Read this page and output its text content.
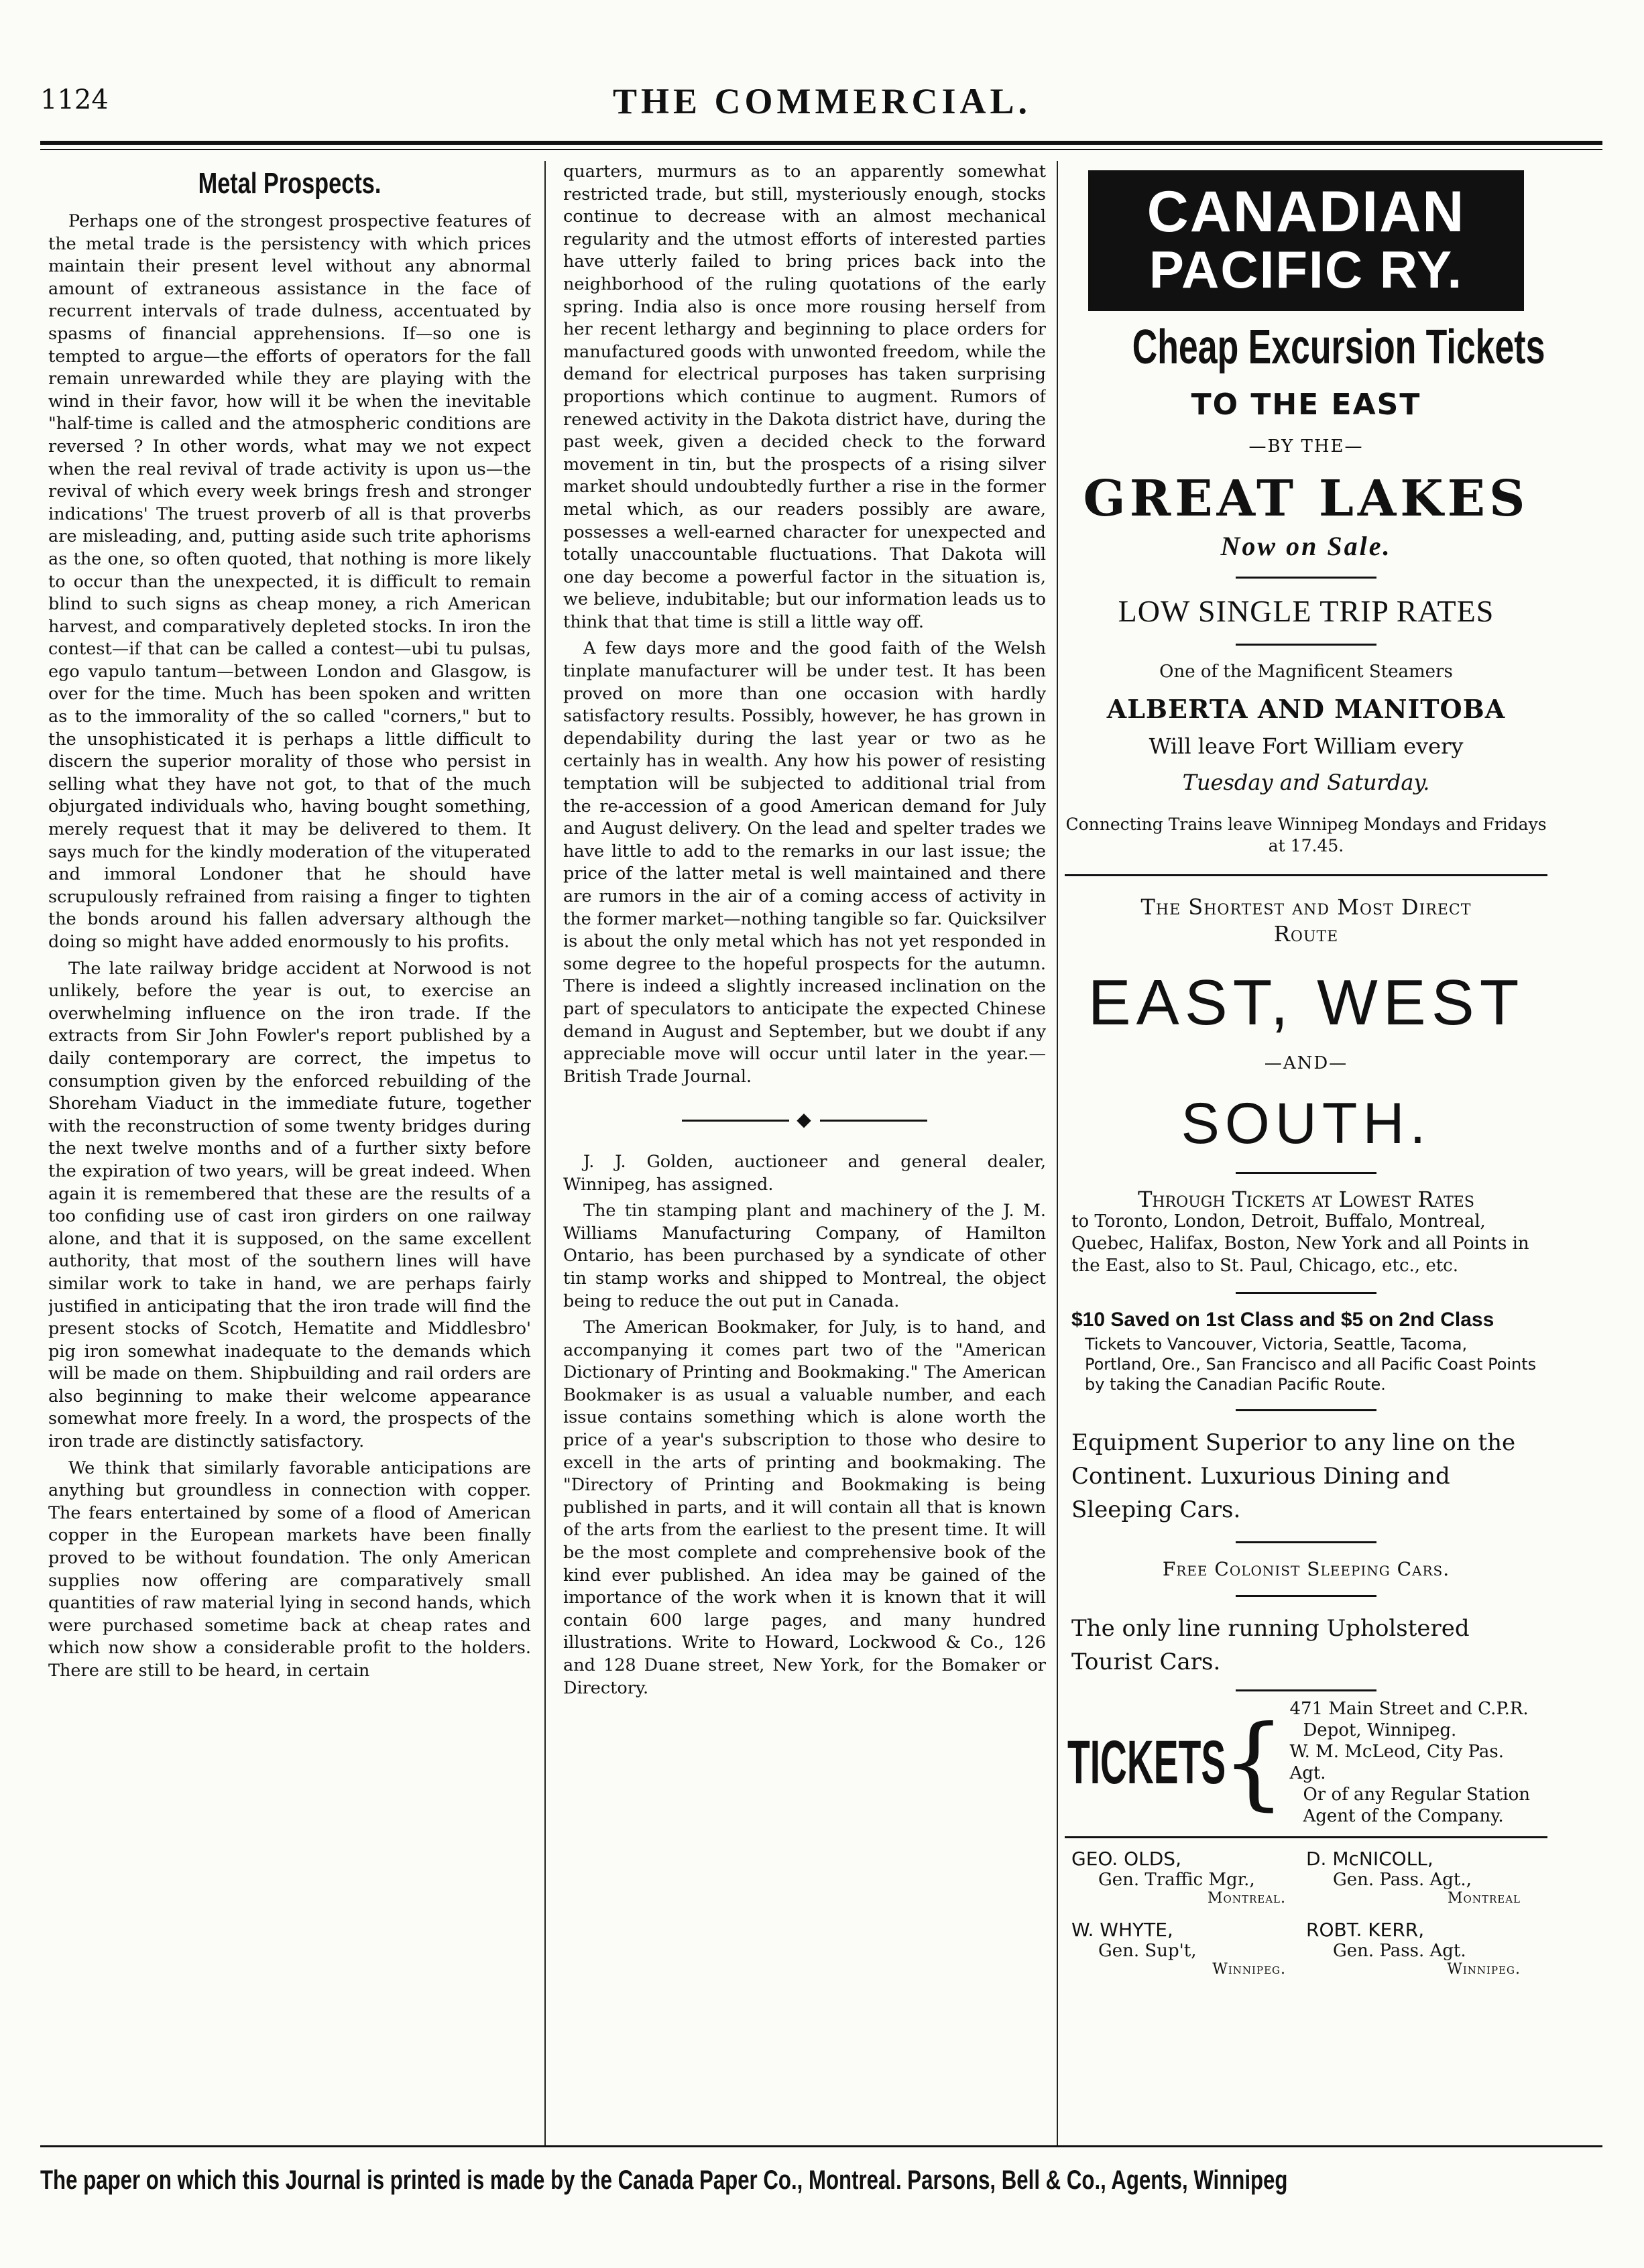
1124	THE COMMERCIAL.
Metal Prospects.

Perhaps one of the strongest prospective features of the metal trade is the persistency with which prices maintain their present level without any abnormal amount of extraneous assistance in the face of recurrent intervals of trade dulness, accentuated by spasms of financial apprehensions. If—so one is tempted to argue—the efforts of operators for the fall remain unrewarded while they are playing with the wind in their favor, how will it be when the inevitable "half-time is called and the atmospheric conditions are reversed ? In other words, what may we not expect when the real revival of trade activity is upon us—the revival of which every week brings fresh and stronger indications' The truest proverb of all is that proverbs are misleading, and, putting aside such trite aphorisms as the one, so often quoted, that nothing is more likely to occur than the unexpected, it is difficult to remain blind to such signs as cheap money, a rich American harvest, and comparatively depleted stocks. In iron the contest—if that can be called a contest—ubi tu pulsas, ego vapulo tantum—between London and Glasgow, is over for the time. Much has been spoken and written as to the immorality of the so called "corners," but to the unsophisticated it is perhaps a little difficult to discern the superior morality of those who persist in selling what they have not got, to that of the much objurgated individuals who, having bought something, merely request that it may be delivered to them. It says much for the kindly moderation of the vituperated and immoral Londoner that he should have scrupulously refrained from raising a finger to tighten the bonds around his fallen adversary although the doing so might have added enormously to his profits.

The late railway bridge accident at Norwood is not unlikely, before the year is out, to exercise an overwhelming influence on the iron trade. If the extracts from Sir John Fowler's report published by a daily contemporary are correct, the impetus to consumption given by the enforced rebuilding of the Shoreham Viaduct in the immediate future, together with the reconstruction of some twenty bridges during the next twelve months and of a further sixty before the expiration of two years, will be great indeed. When again it is remembered that these are the results of a too confiding use of cast iron girders on one railway alone, and that it is supposed, on the same excellent authority, that most of the southern lines will have similar work to take in hand, we are perhaps fairly justified in anticipating that the iron trade will find the present stocks of Scotch, Hematite and Middlesbro' pig iron somewhat inadequate to the demands which will be made on them. Shipbuilding and rail orders are also beginning to make their welcome appearance somewhat more freely. In a word, the prospects of the iron trade are distinctly satisfactory.

We think that similarly favorable anticipations are anything but groundless in connection with copper. The fears entertained by some of a flood of American copper in the European markets have been finally proved to be without foundation. The only American supplies now offering are comparatively small quantities of raw material lying in second hands, which were purchased sometime back at cheap rates and which now show a considerable profit to the holders. There are still to be heard, in certain

quarters, murmurs as to an apparently somewhat restricted trade, but still, mysteriously enough, stocks continue to decrease with an almost mechanical regularity and the utmost efforts of interested parties have utterly failed to bring prices back into the neighborhood of the ruling quotations of the early spring. India also is once more rousing herself from her recent lethargy and beginning to place orders for manufactured goods with unwonted freedom, while the demand for electrical purposes has taken surprising proportions which continue to augment. Rumors of renewed activity in the Dakota district have, during the past week, given a decided check to the forward movement in tin, but the prospects of a rising silver market should undoubtedly further a rise in the former metal which, as our readers possibly are aware, possesses a well-earned character for unexpected and totally unaccountable fluctuations. That Dakota will one day become a powerful factor in the situation is, we believe, indubitable; but our information leads us to think that that time is still a little way off.

A few days more and the good faith of the Welsh tinplate manufacturer will be under test. It has been proved on more than one occasion with hardly satisfactory results. Possibly, however, he has grown in dependability during the last year or two as he certainly has in wealth. Any how his power of resisting temptation will be subjected to additional trial from the re-accession of a good American demand for July and August delivery. On the lead and spelter trades we have little to add to the remarks in our last issue; the price of the latter metal is well maintained and there are rumors in the air of a coming access of activity in the former market—nothing tangible so far. Quicksilver is about the only metal which has not yet responded in some degree to the hopeful prospects for the autumn. There is indeed a slightly increased inclination on the part of speculators to anticipate the expected Chinese demand in August and September, but we doubt if any appreciable move will occur until later in the year.—British Trade Journal.

◆

J. J. Golden, auctioneer and general dealer, Winnipeg, has assigned.

The tin stamping plant and machinery of the J. M. Williams Manufacturing Company, of Hamilton Ontario, has been purchased by a syndicate of other tin stamp works and shipped to Montreal, the object being to reduce the out put in Canada.

The American Bookmaker, for July, is to hand, and accompanying it comes part two of the "American Dictionary of Printing and Bookmaking." The American Bookmaker is as usual a valuable number, and each issue contains something which is alone worth the price of a year's subscription to those who desire to excell in the arts of printing and bookmaking. The "Directory of Printing and Bookmaking is being published in parts, and it will contain all that is known of the arts from the earliest to the present time. It will be the most complete and comprehensive book of the kind ever published. An idea may be gained of the importance of the work when it is known that it will contain 600 large pages, and many hundred illustrations. Write to Howard, Lockwood & Co., 126 and 128 Duane street, New York, for the Bomaker or Directory.

CANADIAN
PACIFIC RY.
Cheap Excursion Tickets
TO THE EAST
—BY THE—
GREAT LAKES
Now on Sale.
LOW SINGLE TRIP RATES
One of the Magnificent Steamers
ALBERTA AND MANITOBA
Will leave Fort William every
Tuesday and Saturday.
Connecting Trains leave Winnipeg Mondays and Fridays at 17.45.
The Shortest and Most Direct
Route
EAST, WEST
—AND—
SOUTH.
Through Tickets at Lowest Rates
to Toronto, London, Detroit, Buffalo, Montreal, Quebec, Halifax, Boston, New York and all Points in the East, also to St. Paul, Chicago, etc., etc.
$10 Saved on 1st Class and $5 on 2nd Class
Tickets to Vancouver, Victoria, Seattle, Tacoma, Portland, Ore., San Francisco and all Pacific Coast Points by taking the Canadian Pacific Route.
Equipment Superior to any line on the Continent. Luxurious Dining and Sleeping Cars.
Free Colonist Sleeping Cars.
The only line running Upholstered Tourist Cars.
TICKETS
{ 471 Main Street and C.P.R.
Depot, Winnipeg.
W. M. McLeod, City Pas. Agt.
Or of any Regular Station
Agent of the Company.
GEO. OLDS,
Gen. Traffic Mgr.,
Montreal.
D. McNICOLL,
Gen. Pass. Agt.,
Montreal
W. WHYTE,
Gen. Sup't,
Winnipeg.
ROBT. KERR,
Gen. Pass. Agt.
Winnipeg.
The paper on which this Journal is printed is made by the Canada Paper Co., Montreal. Parsons, Bell & Co., Agents, Winnipeg
